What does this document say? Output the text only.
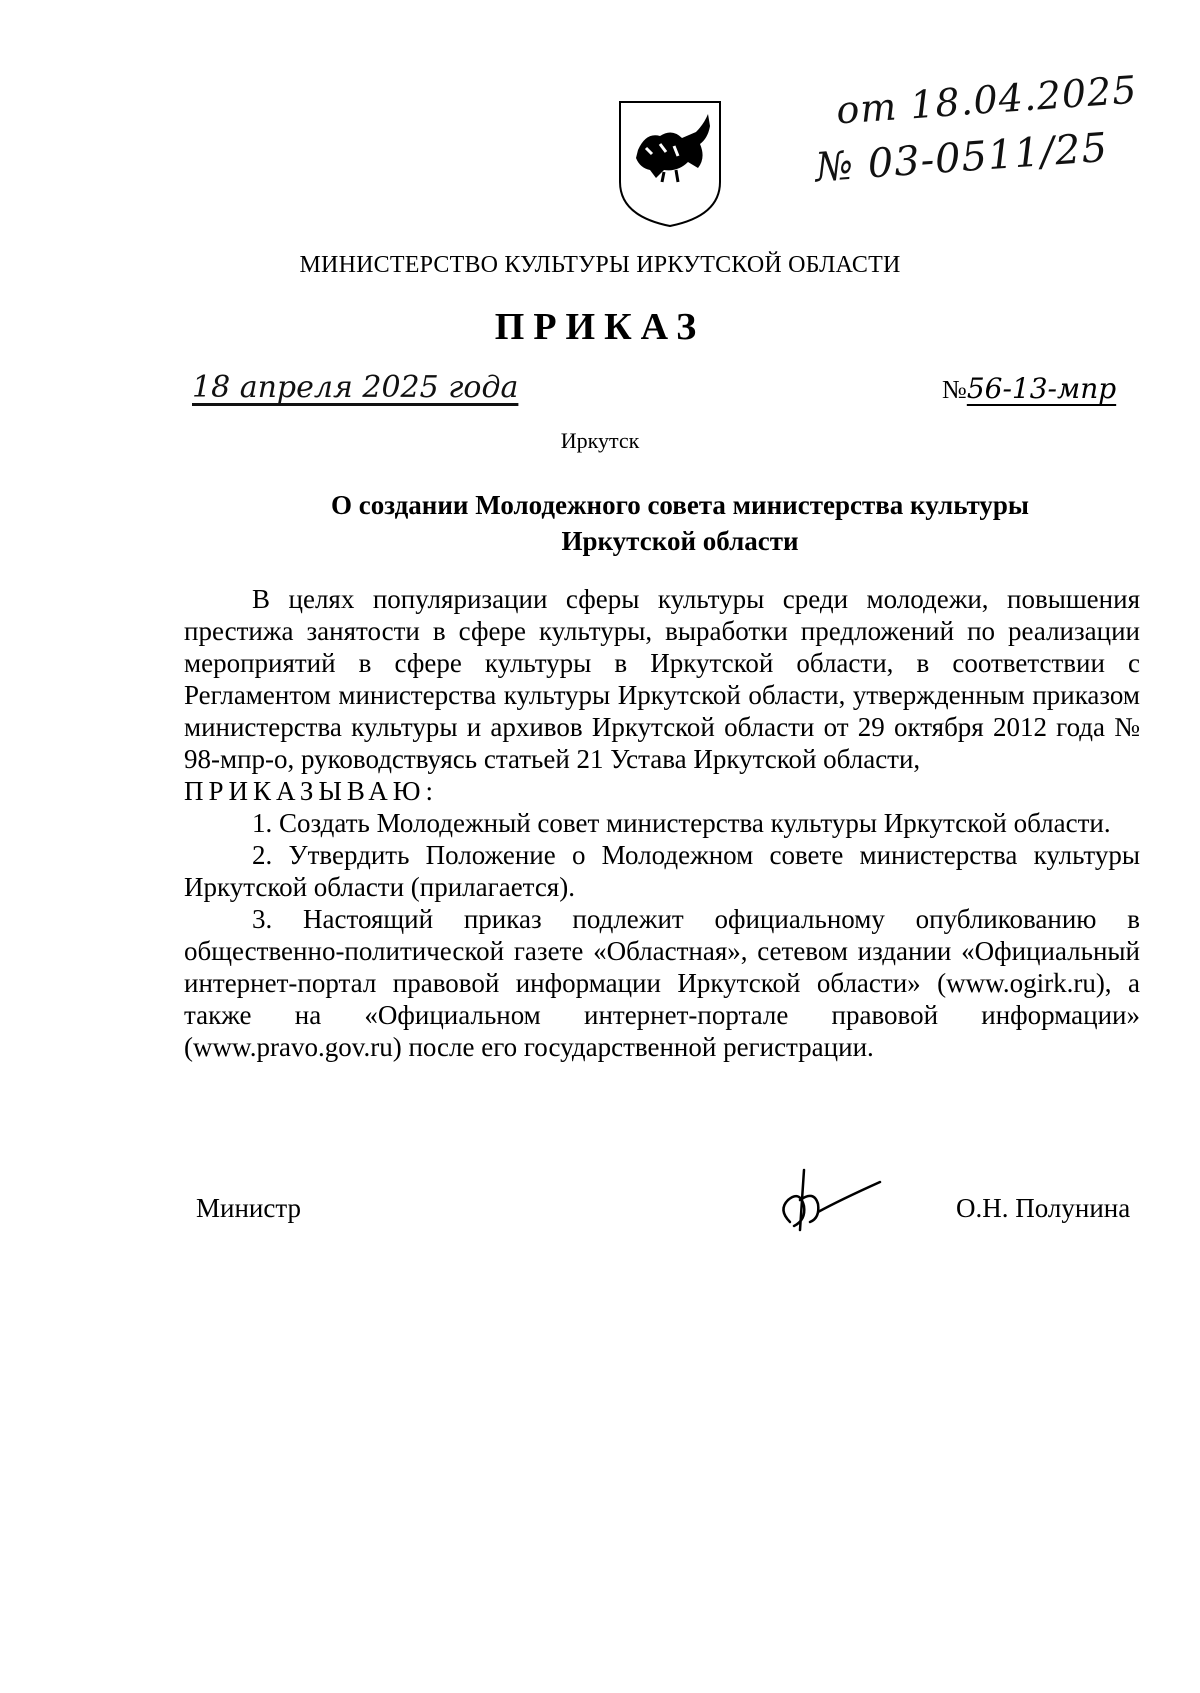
от 18.04.2025
№ 03-0511/25
МИНИСТЕРСТВО КУЛЬТУРЫ ИРКУТСКОЙ ОБЛАСТИ
ПРИКАЗ
18 апреля 2025 года	№56-13-мпр
Иркутск
О создании Молодежного совета министерства культуры
Иркутской области

В целях популяризации сферы культуры среди молодежи, повышения престижа занятости в сфере культуры, выработки предложений по реализации мероприятий в сфере культуры в Иркутской области, в соответствии с Регламентом министерства культуры Иркутской области, утвержденным приказом министерства культуры и архивов Иркутской области от 29 октября 2012 года № 98-мпр-о, руководствуясь статьей 21 Устава Иркутской области,

ПРИКАЗЫВАЮ:

1. Создать Молодежный совет министерства культуры Иркутской области.

2. Утвердить Положение о Молодежном совете министерства культуры Иркутской области (прилагается).

3. Настоящий приказ подлежит официальному опубликованию в общественно-политической газете «Областная», сетевом издании «Официальный интернет-портал правовой информации Иркутской области» (www.ogirk.ru), а также на «Официальном интернет-портале правовой информации» (www.pravo.gov.ru) после его государственной регистрации.

Министр	О.Н. Полунина
